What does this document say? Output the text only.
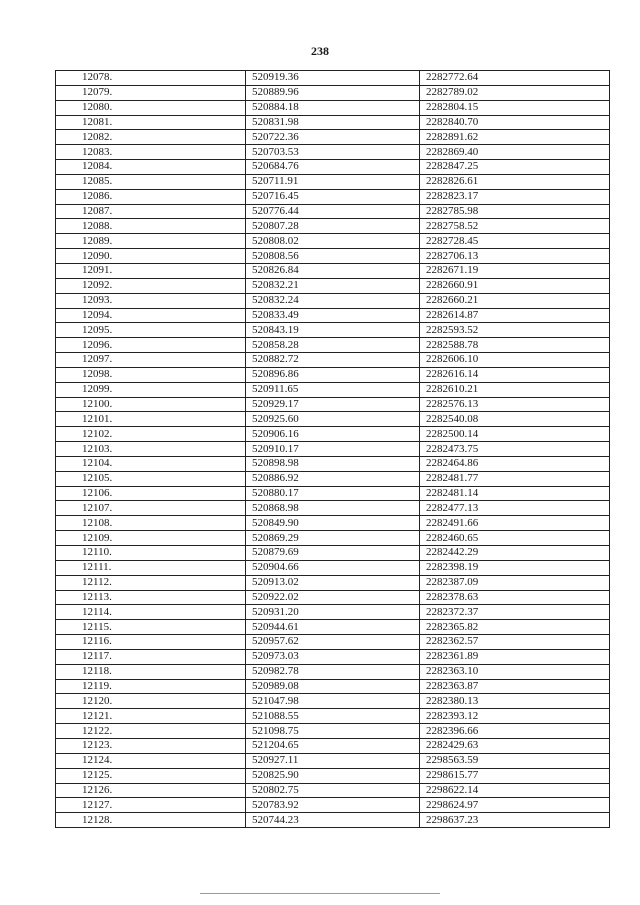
238
12078.	520919.36	2282772.64
12079.	520889.96	2282789.02
12080.	520884.18	2282804.15
12081.	520831.98	2282840.70
12082.	520722.36	2282891.62
12083.	520703.53	2282869.40
12084.	520684.76	2282847.25
12085.	520711.91	2282826.61
12086.	520716.45	2282823.17
12087.	520776.44	2282785.98
12088.	520807.28	2282758.52
12089.	520808.02	2282728.45
12090.	520808.56	2282706.13
12091.	520826.84	2282671.19
12092.	520832.21	2282660.91
12093.	520832.24	2282660.21
12094.	520833.49	2282614.87
12095.	520843.19	2282593.52
12096.	520858.28	2282588.78
12097.	520882.72	2282606.10
12098.	520896.86	2282616.14
12099.	520911.65	2282610.21
12100.	520929.17	2282576.13
12101.	520925.60	2282540.08
12102.	520906.16	2282500.14
12103.	520910.17	2282473.75
12104.	520898.98	2282464.86
12105.	520886.92	2282481.77
12106.	520880.17	2282481.14
12107.	520868.98	2282477.13
12108.	520849.90	2282491.66
12109.	520869.29	2282460.65
12110.	520879.69	2282442.29
12111.	520904.66	2282398.19
12112.	520913.02	2282387.09
12113.	520922.02	2282378.63
12114.	520931.20	2282372.37
12115.	520944.61	2282365.82
12116.	520957.62	2282362.57
12117.	520973.03	2282361.89
12118.	520982.78	2282363.10
12119.	520989.08	2282363.87
12120.	521047.98	2282380.13
12121.	521088.55	2282393.12
12122.	521098.75	2282396.66
12123.	521204.65	2282429.63
12124.	520927.11	2298563.59
12125.	520825.90	2298615.77
12126.	520802.75	2298622.14
12127.	520783.92	2298624.97
12128.	520744.23	2298637.23
